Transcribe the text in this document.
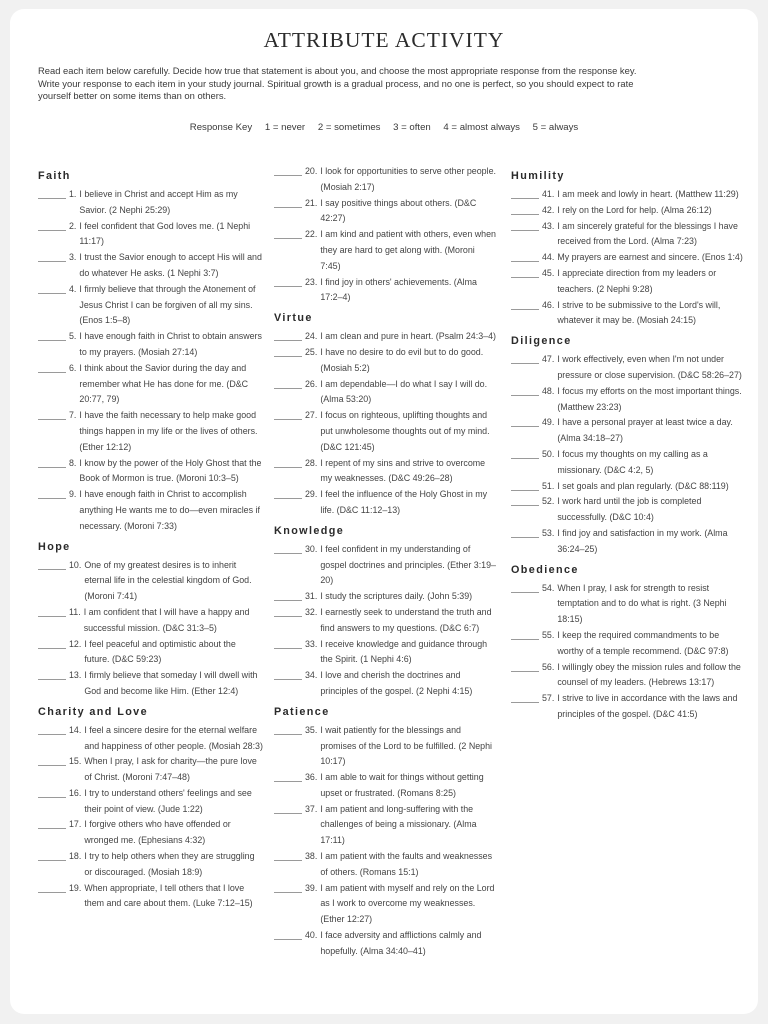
ATTRIBUTE ACTIVITY

Read each item below carefully. Decide how true that statement is about you, and choose the most appropriate response from the response key.

Write your response to each item in your study journal. Spiritual growth is a gradual process, and no one is perfect, so you should expect to rate

yourself better on some items than on others.

Response Key 1 = never 2 = sometimes 3 = often 4 = almost always 5 = always
Faith
1. I believe in Christ and accept Him as my Savior. (2 Nephi 25:29)
2. I feel confident that God loves me. (1 Nephi 11:17)
3. I trust the Savior enough to accept His will and do whatever He asks. (1 Nephi 3:7)
4. I firmly believe that through the Atonement of Jesus Christ I can be forgiven of all my sins. (Enos 1:5–8)
5. I have enough faith in Christ to obtain answers to my prayers. (Mosiah 27:14)
6. I think about the Savior during the day and remember what He has done for me. (D&C 20:77, 79)
7. I have the faith necessary to help make good things happen in my life or the lives of others. (Ether 12:12)
8. I know by the power of the Holy Ghost that the Book of Mormon is true. (Moroni 10:3–5)
9. I have enough faith in Christ to accomplish anything He wants me to do—even miracles if necessary. (Moroni 7:33)
Hope
10. One of my greatest desires is to inherit eternal life in the celestial kingdom of God. (Moroni 7:41)
11. I am confident that I will have a happy and successful mission. (D&C 31:3–5)
12. I feel peaceful and optimistic about the future. (D&C 59:23)
13. I firmly believe that someday I will dwell with God and become like Him. (Ether 12:4)
Charity and Love
14. I feel a sincere desire for the eternal welfare and happiness of other people. (Mosiah 28:3)
15. When I pray, I ask for charity—the pure love of Christ. (Moroni 7:47–48)
16. I try to understand others' feelings and see their point of view. (Jude 1:22)
17. I forgive others who have offended or wronged me. (Ephesians 4:32)
18. I try to help others when they are struggling or discouraged. (Mosiah 18:9)
19. When appropriate, I tell others that I love them and care about them. (Luke 7:12–15)
20. I look for opportunities to serve other people. (Mosiah 2:17)
21. I say positive things about others. (D&C 42:27)
22. I am kind and patient with others, even when they are hard to get along with. (Moroni 7:45)
23. I find joy in others' achievements. (Alma 17:2–4)
Virtue
24. I am clean and pure in heart. (Psalm 24:3–4)
25. I have no desire to do evil but to do good. (Mosiah 5:2)
26. I am dependable—I do what I say I will do. (Alma 53:20)
27. I focus on righteous, uplifting thoughts and put unwholesome thoughts out of my mind. (D&C 121:45)
28. I repent of my sins and strive to overcome my weaknesses. (D&C 49:26–28)
29. I feel the influence of the Holy Ghost in my life. (D&C 11:12–13)
Knowledge
30. I feel confident in my understanding of gospel doctrines and principles. (Ether 3:19–20)
31. I study the scriptures daily. (John 5:39)
32. I earnestly seek to understand the truth and find answers to my questions. (D&C 6:7)
33. I receive knowledge and guidance through the Spirit. (1 Nephi 4:6)
34. I love and cherish the doctrines and principles of the gospel. (2 Nephi 4:15)
Patience
35. I wait patiently for the blessings and promises of the Lord to be fulfilled. (2 Nephi 10:17)
36. I am able to wait for things without getting upset or frustrated. (Romans 8:25)
37. I am patient and long-suffering with the challenges of being a missionary. (Alma 17:11)
38. I am patient with the faults and weaknesses of others. (Romans 15:1)
39. I am patient with myself and rely on the Lord as I work to overcome my weaknesses. (Ether 12:27)
40. I face adversity and afflictions calmly and hopefully. (Alma 34:40–41)
Humility
41. I am meek and lowly in heart. (Matthew 11:29)
42. I rely on the Lord for help. (Alma 26:12)
43. I am sincerely grateful for the blessings I have received from the Lord. (Alma 7:23)
44. My prayers are earnest and sincere. (Enos 1:4)
45. I appreciate direction from my leaders or teachers. (2 Nephi 9:28)
46. I strive to be submissive to the Lord's will, whatever it may be. (Mosiah 24:15)
Diligence
47. I work effectively, even when I'm not under pressure or close supervision. (D&C 58:26–27)
48. I focus my efforts on the most important things. (Matthew 23:23)
49. I have a personal prayer at least twice a day. (Alma 34:18–27)
50. I focus my thoughts on my calling as a missionary. (D&C 4:2, 5)
51. I set goals and plan regularly. (D&C 88:119)
52. I work hard until the job is completed successfully. (D&C 10:4)
53. I find joy and satisfaction in my work. (Alma 36:24–25)
Obedience
54. When I pray, I ask for strength to resist temptation and to do what is right. (3 Nephi 18:15)
55. I keep the required commandments to be worthy of a temple recommend. (D&C 97:8)
56. I willingly obey the mission rules and follow the counsel of my leaders. (Hebrews 13:17)
57. I strive to live in accordance with the laws and principles of the gospel. (D&C 41:5)
